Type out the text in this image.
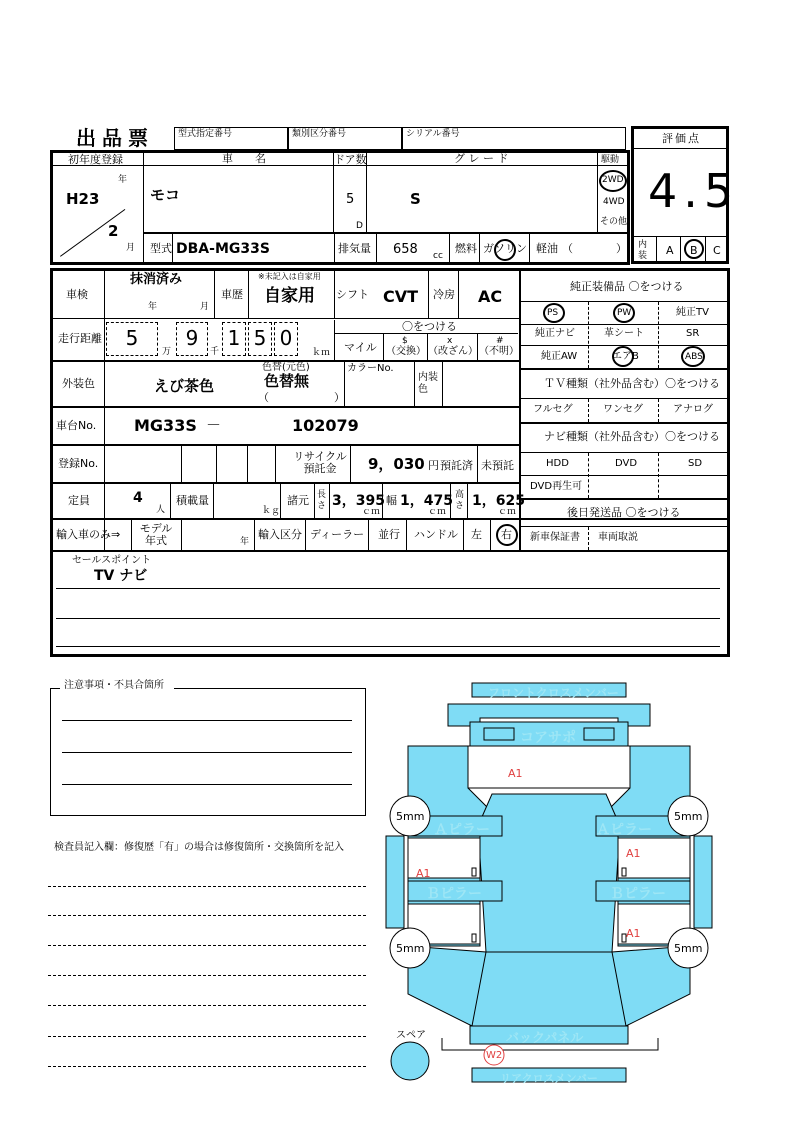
出品票	型式指定番号	類別区分番号	シリアル番号	評価点
4.5
内装 A B C
初年度登録
年
H23
2
月
車　　名
モコ
ドア数
5
D
グ レ ー ド
S
駆動
2WD
4WD
その他
型式 DBA-MG33S	排気量 658 cc
燃料 ガソリン 軽油 （	）
車検
抹消済み
年	月
車歴
※未記入は自家用
自家用 シフト CVT 冷房 AC
走行距離	5
万
9
千
1 5 0
ｋｍ
〇をつける
マイル	$
（交換）
x
（改ざん）
#
（不明）
外装色	えび茶色
色替(元色)
色替無
（	）
カラーNo.
内装色
車台No. MG33S －	102079
登録No.
リサイクル預託金	9，030 円 預託済 未預託
定員	4
人
積載量
ｋｇ
諸元 長さ 3，395
ｃｍ
幅 1，475
ｃｍ
高さ 1，625
ｃｍ
輸入車のみ⇒ モデル年式	年
輸入区分 ディーラー 並行 ハンドル 左 右
純正装備品 〇をつける
PS	PW	純正TV
純正ナビ	革シート	SR
純正AW	エアB	ABS
ＴＶ種類（社外品含む）〇をつける
フルセグ	ワンセグ	アナログ
ナビ種類（社外品含む）〇をつける
HDD	DVD	SD
DVD再生可
後日発送品 〇をつける
新車保証書 車両取説
セールスポイント
TV ナビ
注意事項・不具合箇所
検査員記入欄：修復歴「有」の場合は修復箇所・交換箇所を記入
フロントクロスメンバー
コアサポ
Ａピラー	Ａピラー
Ｂピラー	Ｂピラー
バックパネル
リアクロスメンバー
スペア
5mm	5mm
5mm	5mm
A1
A1
A1
A1
W2
